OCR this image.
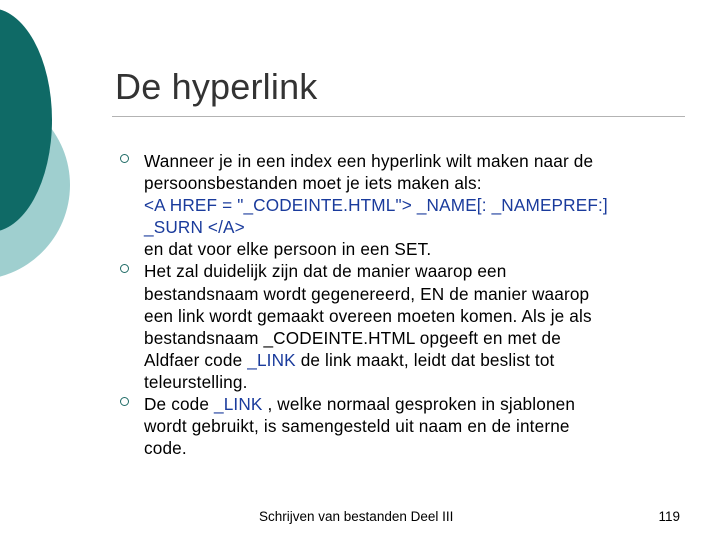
De hyperlink
Wanneer je in een index een hyperlink wilt maken naar de
persoonsbestanden moet je iets maken als:
<A HREF = "_CODEINTE.HTML"> _NAME[: _NAMEPREF:]
_SURN </A>
en dat voor elke persoon in een SET.
Het zal duidelijk zijn dat de manier waarop een
bestandsnaam wordt gegenereerd, EN de manier waarop
een link wordt gemaakt overeen moeten komen. Als je als
bestandsnaam _CODEINTE.HTML opgeeft en met de
Aldfaer code _LINK de link maakt, leidt dat beslist tot
teleurstelling.
De code _LINK , welke normaal gesproken in sjablonen
wordt gebruikt, is samengesteld uit naam en de interne
code.
Schrijven van bestanden Deel III	119
